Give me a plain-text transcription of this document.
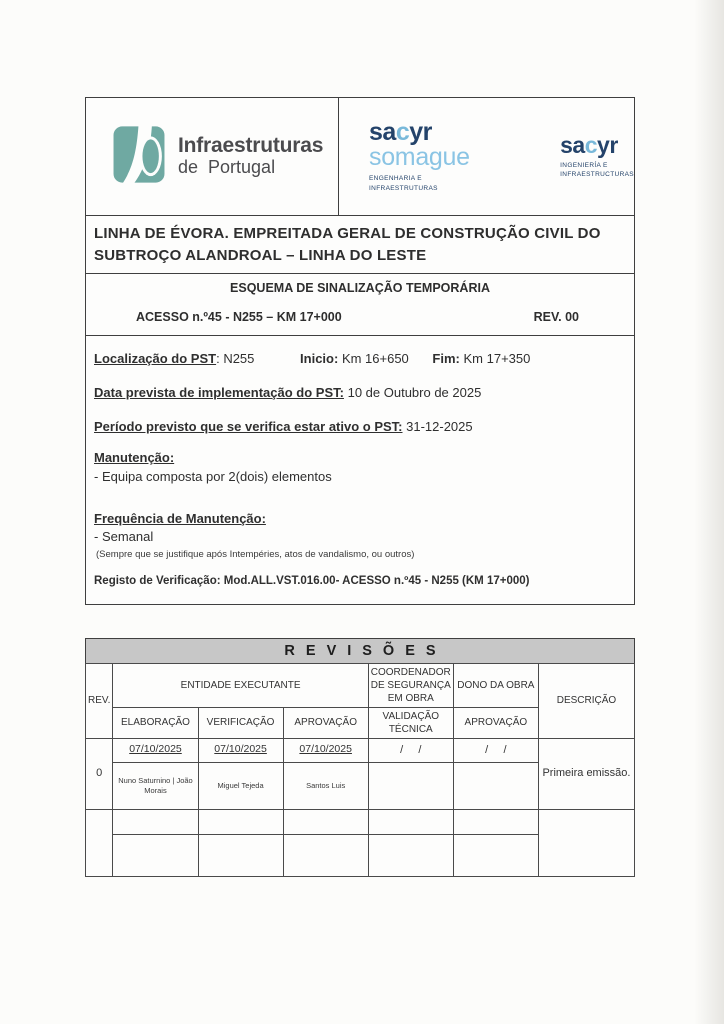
Infraestruturas
de Portugal
sacyr somague
ENGENHARIA E
INFRAESTRUTURAS
sacyr
INGENIERÍA E
INFRAESTRUCTURAS
LINHA DE ÉVORA. EMPREITADA GERAL DE CONSTRUÇÃO CIVIL DO SUBTROÇO ALANDROAL – LINHA DO LESTE
ESQUEMA DE SINALIZAÇÃO TEMPORÁRIA
ACESSO n.º45 - N255 – KM 17+000	REV. 00
Localização do PST: N255	Inicio: Km 16+650 Fim: Km 17+350
Data prevista de implementação do PST: 10 de Outubro de 2025
Período previsto que se verifica estar ativo o PST: 31-12-2025
Manutenção:
- Equipa composta por 2(dois) elementos
Frequência de Manutenção:
- Semanal
(Sempre que se justifique após Intempéries, atos de vandalismo, ou outros)
Registo de Verificação: Mod.ALL.VST.016.00- ACESSO n.º45 - N255 (KM 17+000)
REVISÕES
REV.	ENTIDADE EXECUTANTE			COORDENADOR DE SEGURANÇA EM OBRA	DONO DA OBRA	DESCRIÇÃO
	ELABORAÇÃO	VERIFICAÇÃO	APROVAÇÃO	VALIDAÇÃO TÉCNICA	APROVAÇÃO	
0	07/10/2025	07/10/2025	07/10/2025	/     /	/     /	Primeira emissão.
	Nuno Saturnino | João Morais	Miguel Tejeda	Santos Luis			
